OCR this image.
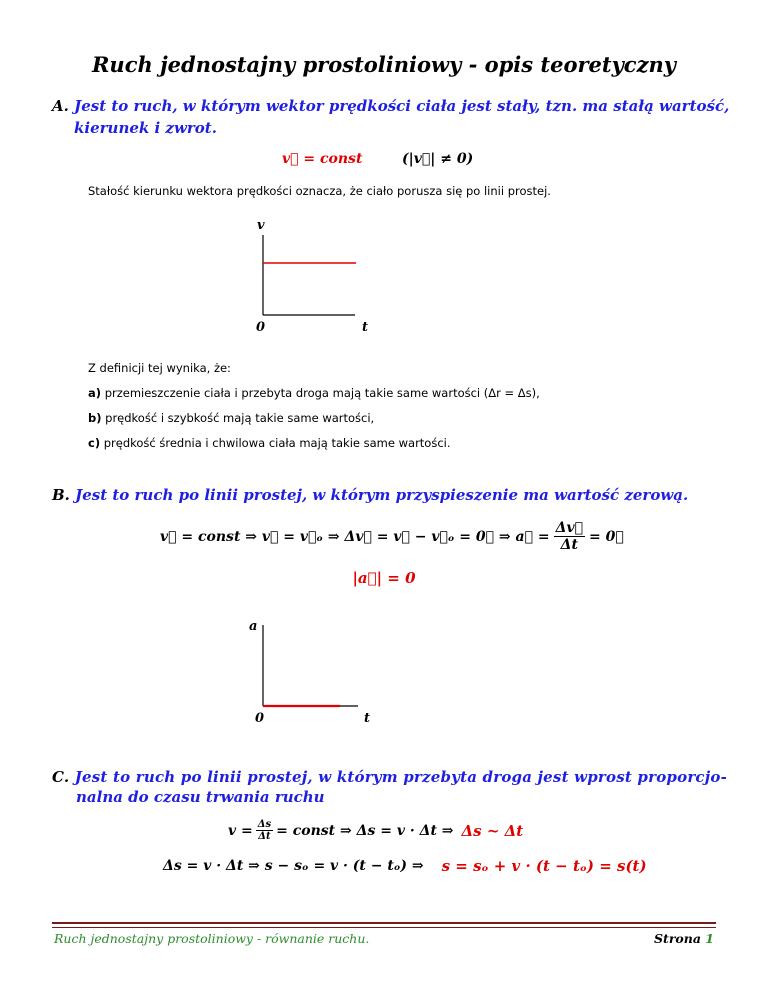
Ruch jednostajny prostoliniowy - opis teoretyczny
A. Jest to ruch, w którym wektor prędkości ciała jest stały, tzn. ma stałą wartość,
kierunek i zwrot.
v⃗ = const	(|v⃗| ≠ 0)
Stałość kierunku wektora prędkości oznacza, że ciało porusza się po linii prostej.
v
0	t
Z definicji tej wynika, że:
a) przemieszczenie ciała i przebyta droga mają takie same wartości (Δr = Δs),
b) prędkość i szybkość mają takie same wartości,
c) prędkość średnia i chwilowa ciała mają takie same wartości.
B. Jest to ruch po linii prostej, w którym przyspieszenie ma wartość zerową.
v⃗ = const ⇒ v⃗ = v⃗ₒ ⇒ Δv⃗ = v⃗ − v⃗ₒ = 0⃗ ⇒ a⃗ = $\frac{\Delta v⃗}{\Delta t}$ = 0⃗
|a⃗| = 0
a
0	t
C. Jest to ruch po linii prostej, w którym przebyta droga jest wprost proporcjo-
nalna do czasu trwania ruchu
$v = \frac{\Delta s}{\Delta t}$ = const ⇒ Δs = v · Δt ⇒ Δs ~ Δt
Δs = v · Δt ⇒ s − sₒ = v · (t − tₒ) ⇒ s = sₒ + v · (t − tₒ) = s(t)
Ruch jednostajny prostoliniowy - równanie ruchu.	Strona 1
